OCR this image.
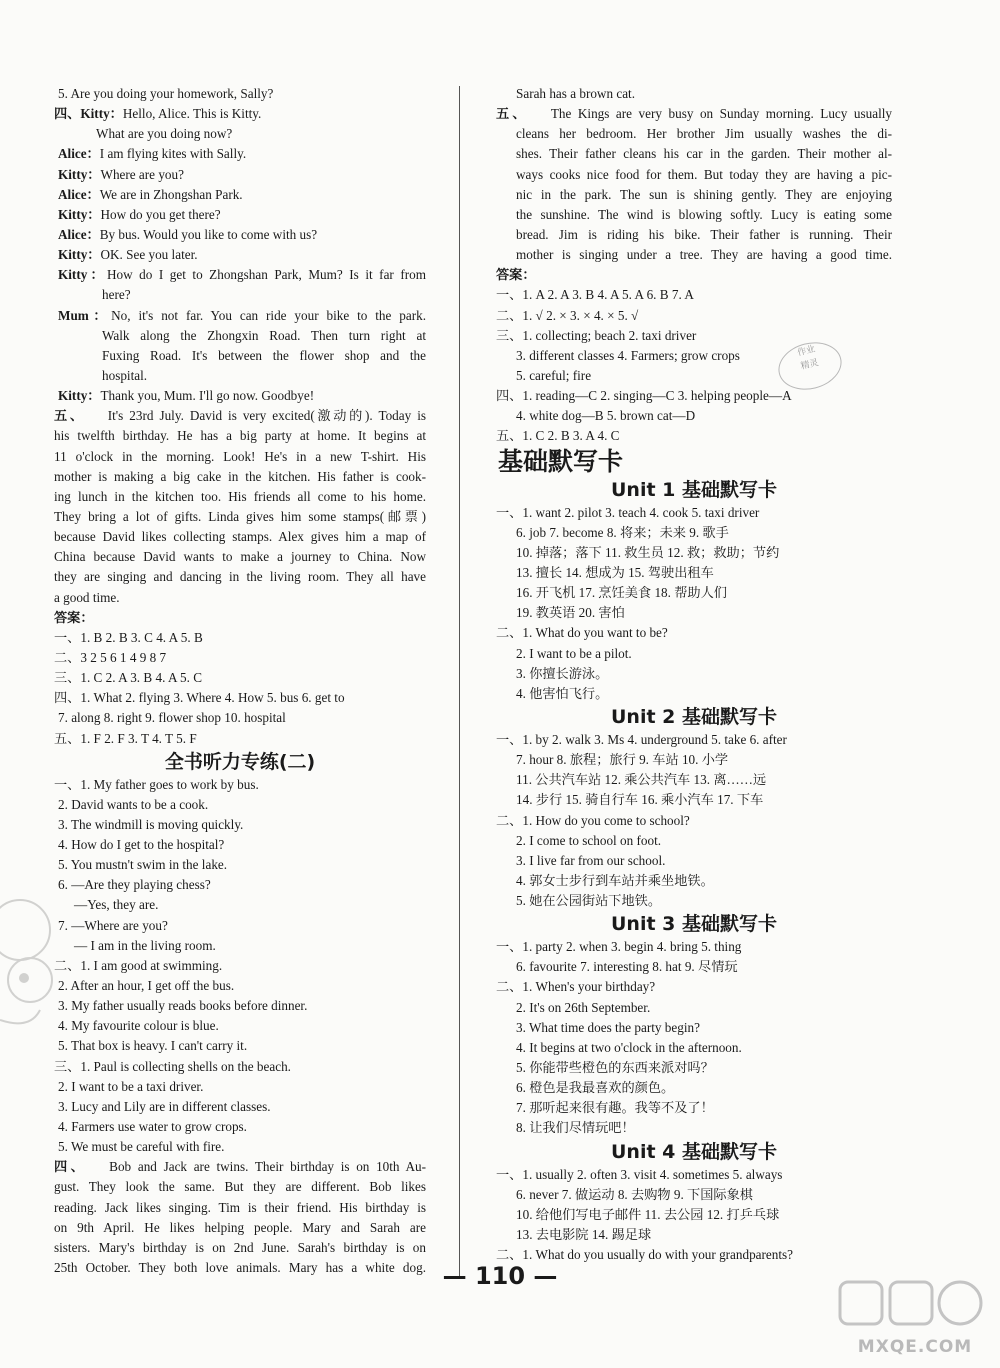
5. Are you doing your homework, Sally?
四、Kitty：Hello, Alice. This is Kitty.
What are you doing now?
Alice：I am flying kites with Sally.
Kitty：Where are you?
Alice：We are in Zhongshan Park.
Kitty：How do you get there?
Alice：By bus. Would you like to come with us?
Kitty：OK. See you later.
Kitty：How do I get to Zhongshan Park, Mum? Is it far from
here?
Mum：No, it's not far. You can ride your bike to the park.
Walk along the Zhongxin Road. Then turn right at
Fuxing Road. It's between the flower shop and the
hospital.
Kitty：Thank you, Mum. I'll go now. Goodbye!
五、 It's 23rd July. David is very excited(激动的). Today is
his twelfth birthday. He has a big party at home. It begins at
11 o'clock in the morning. Look! He's in a new T-shirt. His
mother is making a big cake in the kitchen. His father is cook-
ing lunch in the kitchen too. His friends all come to his home.
They bring a lot of gifts. Linda gives him some stamps(邮票)
because David likes collecting stamps. Alex gives him a map of
China because David wants to make a journey to China. Now
they are singing and dancing in the living room. They all have
a good time.
答案：
一、1. B 2. B 3. C 4. A 5. B
二、3 2 5 6 1 4 9 8 7
三、1. C 2. A 3. B 4. A 5. C
四、1. What 2. flying 3. Where 4. How 5. bus 6. get to
7. along 8. right 9. flower shop 10. hospital
五、1. F 2. F 3. T 4. T 5. F
全书听力专练(二)
一、1. My father goes to work by bus.
2. David wants to be a cook.
3. The windmill is moving quickly.
4. How do I get to the hospital?
5. You mustn't swim in the lake.
6. —Are they playing chess?
—Yes, they are.
7. —Where are you?
— I am in the living room.
二、1. I am good at swimming.
2. After an hour, I get off the bus.
3. My father usually reads books before dinner.
4. My favourite colour is blue.
5. That box is heavy. I can't carry it.
三、1. Paul is collecting shells on the beach.
2. I want to be a taxi driver.
3. Lucy and Lily are in different classes.
4. Farmers use water to grow crops.
5. We must be careful with fire.
四、 Bob and Jack are twins. Their birthday is on 10th Au-
gust. They look the same. But they are different. Bob likes
reading. Jack likes singing. Tim is their friend. His birthday is
on 9th April. He likes helping people. Mary and Sarah are
sisters. Mary's birthday is on 2nd June. Sarah's birthday is on
25th October. They both love animals. Mary has a white dog.
Sarah has a brown cat.
五、 The Kings are very busy on Sunday morning. Lucy usually
cleans her bedroom. Her brother Jim usually washes the di-
shes. Their father cleans his car in the garden. Their mother al-
ways cooks nice food for them. But today they are having a pic-
nic in the park. The sun is shining gently. They are enjoying
the sunshine. The wind is blowing softly. Lucy is eating some
bread. Jim is riding his bike. Their father is running. Their
mother is singing under a tree. They are having a good time.
答案：
一、1. A 2. A 3. B 4. A 5. A 6. B 7. A
二、1. √ 2. × 3. × 4. × 5. √
三、1. collecting; beach 2. taxi driver
3. different classes 4. Farmers; grow crops
5. careful; fire
四、1. reading—C 2. singing—C 3. helping people—A
4. white dog—B 5. brown cat—D
五、1. C 2. B 3. A 4. C
基础默写卡
Unit 1 基础默写卡
一、1. want 2. pilot 3. teach 4. cook 5. taxi driver
6. job 7. become 8. 将来；未来 9. 歌手
10. 掉落；落下 11. 救生员 12. 救；救助；节约
13. 擅长 14. 想成为 15. 驾驶出租车
16. 开飞机 17. 烹饪美食 18. 帮助人们
19. 教英语 20. 害怕
二、1. What do you want to be?
2. I want to be a pilot.
3. 你擅长游泳。
4. 他害怕飞行。
Unit 2 基础默写卡
一、1. by 2. walk 3. Ms 4. underground 5. take 6. after
7. hour 8. 旅程；旅行 9. 车站 10. 小学
11. 公共汽车站 12. 乘公共汽车 13. 离……远
14. 步行 15. 骑自行车 16. 乘小汽车 17. 下车
二、1. How do you come to school?
2. I come to school on foot.
3. I live far from our school.
4. 郭女士步行到车站并乘坐地铁。
5. 她在公园街站下地铁。
Unit 3 基础默写卡
一、1. party 2. when 3. begin 4. bring 5. thing
6. favourite 7. interesting 8. hat 9. 尽情玩
二、1. When's your birthday?
2. It's on 26th September.
3. What time does the party begin?
4. It begins at two o'clock in the afternoon.
5. 你能带些橙色的东西来派对吗？
6. 橙色是我最喜欢的颜色。
7. 那听起来很有趣。我等不及了！
8. 让我们尽情玩吧！
Unit 4 基础默写卡
一、1. usually 2. often 3. visit 4. sometimes 5. always
6. never 7. 做运动 8. 去购物 9. 下国际象棋
10. 给他们写电子邮件 11. 去公园 12. 打乒乓球
13. 去电影院 14. 踢足球
二、1. What do you usually do with your grandparents?
作业
精灵
— 110 —
MXQE.COM
